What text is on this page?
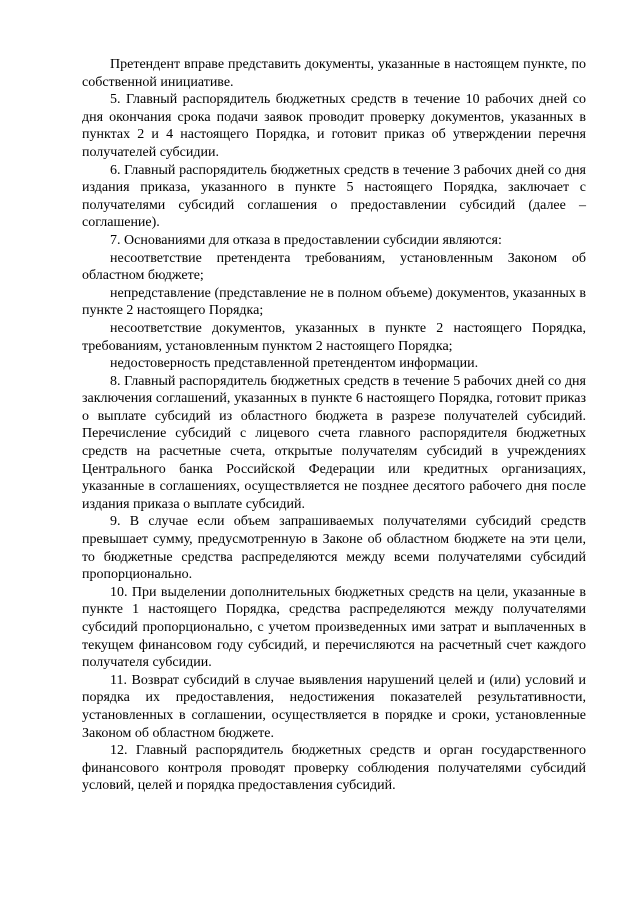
Претендент вправе представить документы, указанные в настоящем пункте, по собственной инициативе.

5. Главный распорядитель бюджетных средств в течение 10 рабочих дней со дня окончания срока подачи заявок проводит проверку документов, указанных в пунктах 2 и 4 настоящего Порядка, и готовит приказ об утверждении перечня получателей субсидии.

6. Главный распорядитель бюджетных средств в течение 3 рабочих дней со дня издания приказа, указанного в пункте 5 настоящего Порядка, заключает с получателями субсидий соглашения о предоставлении субсидий (далее – соглашение).

7. Основаниями для отказа в предоставлении субсидии являются:

несоответствие претендента требованиям, установленным Законом об областном бюджете;

непредставление (представление не в полном объеме) документов, указанных в пункте 2 настоящего Порядка;

несоответствие документов, указанных в пункте 2 настоящего Порядка, требованиям, установленным пунктом 2 настоящего Порядка;

недостоверность представленной претендентом информации.

8. Главный распорядитель бюджетных средств в течение 5 рабочих дней со дня заключения соглашений, указанных в пункте 6 настоящего Порядка, готовит приказ о выплате субсидий из областного бюджета в разрезе получателей субсидий. Перечисление субсидий с лицевого счета главного распорядителя бюджетных средств на расчетные счета, открытые получателям субсидий в учреждениях Центрального банка Российской Федерации или кредитных организациях, указанные в соглашениях, осуществляется не позднее десятого рабочего дня после издания приказа о выплате субсидий.

9. В случае если объем запрашиваемых получателями субсидий средств превышает сумму, предусмотренную в Законе об областном бюджете на эти цели, то бюджетные средства распределяются между всеми получателями субсидий пропорционально.

10. При выделении дополнительных бюджетных средств на цели, указанные в пункте 1 настоящего Порядка, средства распределяются между получателями субсидий пропорционально, с учетом произведенных ими затрат и выплаченных в текущем финансовом году субсидий, и перечисляются на расчетный счет каждого получателя субсидии.

11. Возврат субсидий в случае выявления нарушений целей и (или) условий и порядка их предоставления, недостижения показателей результативности, установленных в соглашении, осуществляется в порядке и сроки, установленные Законом об областном бюджете.

12. Главный распорядитель бюджетных средств и орган государственного финансового контроля проводят проверку соблюдения получателями субсидий условий, целей и порядка предоставления субсидий.
